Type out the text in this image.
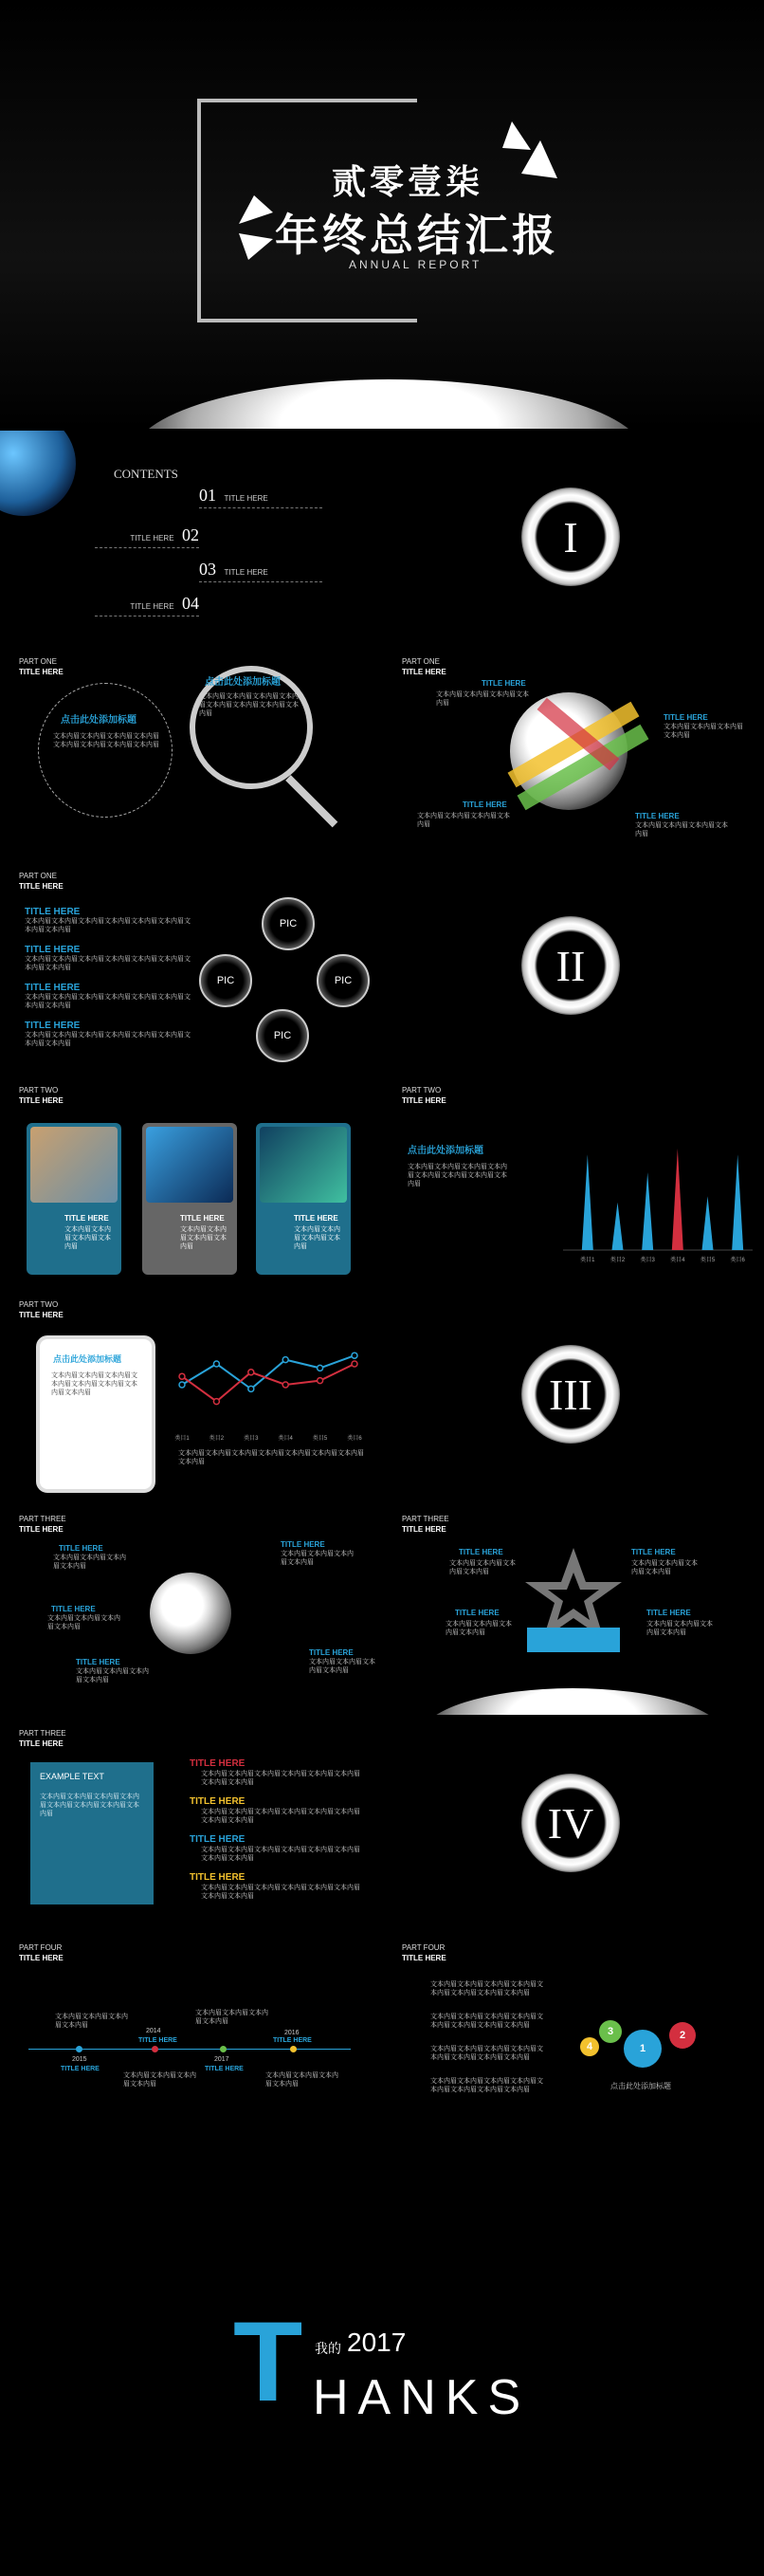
贰零壹柒
年终总结汇报
ANNUAL REPORT
CONTENTS
01 TITLE HERE
TITLE HERE 02
03 TITLE HERE
TITLE HERE 04
I
PART ONE
TITLE HERE
点击此处添加标题
文本内眉文本内眉文本内眉文本内眉文本内眉文本内眉文本内眉文本内眉
点击此处添加标题
文本内眉文本内眉文本内眉文本内眉文本内眉文本内眉文本内眉文本内眉
PART ONE
TITLE HERE
TITLE HERE
文本内眉文本内眉文本内眉文本内眉
TITLE HERE
文本内眉文本内眉文本内眉文本内眉
TITLE HERE
文本内眉文本内眉文本内眉文本内眉
TITLE HERE
文本内眉文本内眉文本内眉文本内眉
PART ONE
TITLE HERE
TITLE HERE
文本内眉文本内眉文本内眉文本内眉文本内眉文本内眉文本内眉文本内眉
TITLE HERE
文本内眉文本内眉文本内眉文本内眉文本内眉文本内眉文本内眉文本内眉
TITLE HERE
文本内眉文本内眉文本内眉文本内眉文本内眉文本内眉文本内眉文本内眉
TITLE HERE
文本内眉文本内眉文本内眉文本内眉文本内眉文本内眉文本内眉文本内眉
PIC
PIC	PIC
PIC
II
PART TWO
TITLE HERE
TITLE HERE
文本内眉文本内眉文本内眉文本内眉
TITLE HERE
文本内眉文本内眉文本内眉文本内眉
TITLE HERE
文本内眉文本内眉文本内眉文本内眉
PART TWO
TITLE HERE
点击此处添加标题
文本内眉文本内眉文本内眉文本内眉文本内眉文本内眉文本内眉文本内眉
类目1	类目2	类目3	类目4	类目5	类目6
PART TWO
TITLE HERE
点击此处添加标题
文本内眉文本内眉文本内眉文本内眉文本内眉文本内眉文本内眉文本内眉
类目1	类目2	类目3	类目4	类目5	类目6
文本内眉文本内眉文本内眉文本内眉文本内眉文本内眉文本内眉文本内眉
III
PART THREE
TITLE HERE
TITLE HERE
文本内眉文本内眉文本内眉文本内眉
TITLE HERE
文本内眉文本内眉文本内眉文本内眉
TITLE HERE
文本内眉文本内眉文本内眉文本内眉
TITLE HERE
文本内眉文本内眉文本内眉文本内眉
TITLE HERE
文本内眉文本内眉文本内眉文本内眉
PART THREE
TITLE HERE
TITLE HERE
文本内眉文本内眉文本内眉文本内眉
TITLE HERE
文本内眉文本内眉文本内眉文本内眉
TITLE HERE
文本内眉文本内眉文本内眉文本内眉
TITLE HERE
文本内眉文本内眉文本内眉文本内眉
PART THREE
TITLE HERE
EXAMPLE TEXT
文本内眉文本内眉文本内眉文本内眉文本内眉文本内眉文本内眉文本内眉
TITLE HERE
文本内眉文本内眉文本内眉文本内眉文本内眉文本内眉文本内眉文本内眉
TITLE HERE
文本内眉文本内眉文本内眉文本内眉文本内眉文本内眉文本内眉文本内眉
TITLE HERE
文本内眉文本内眉文本内眉文本内眉文本内眉文本内眉文本内眉文本内眉
TITLE HERE
文本内眉文本内眉文本内眉文本内眉文本内眉文本内眉文本内眉文本内眉
IV
PART FOUR
TITLE HERE
2014
2015
2016
2017
TITLE HERE
TITLE HERE
TITLE HERE
TITLE HERE
文本内眉文本内眉文本内眉文本内眉
文本内眉文本内眉文本内眉文本内眉
文本内眉文本内眉文本内眉文本内眉
文本内眉文本内眉文本内眉文本内眉
PART FOUR
TITLE HERE
文本内眉文本内眉文本内眉文本内眉文本内眉文本内眉文本内眉文本内眉
文本内眉文本内眉文本内眉文本内眉文本内眉文本内眉文本内眉文本内眉
文本内眉文本内眉文本内眉文本内眉文本内眉文本内眉文本内眉文本内眉
文本内眉文本内眉文本内眉文本内眉文本内眉文本内眉文本内眉文本内眉
1
2
3
4
点击此处添加标题
T 我的 2017
HANKS
